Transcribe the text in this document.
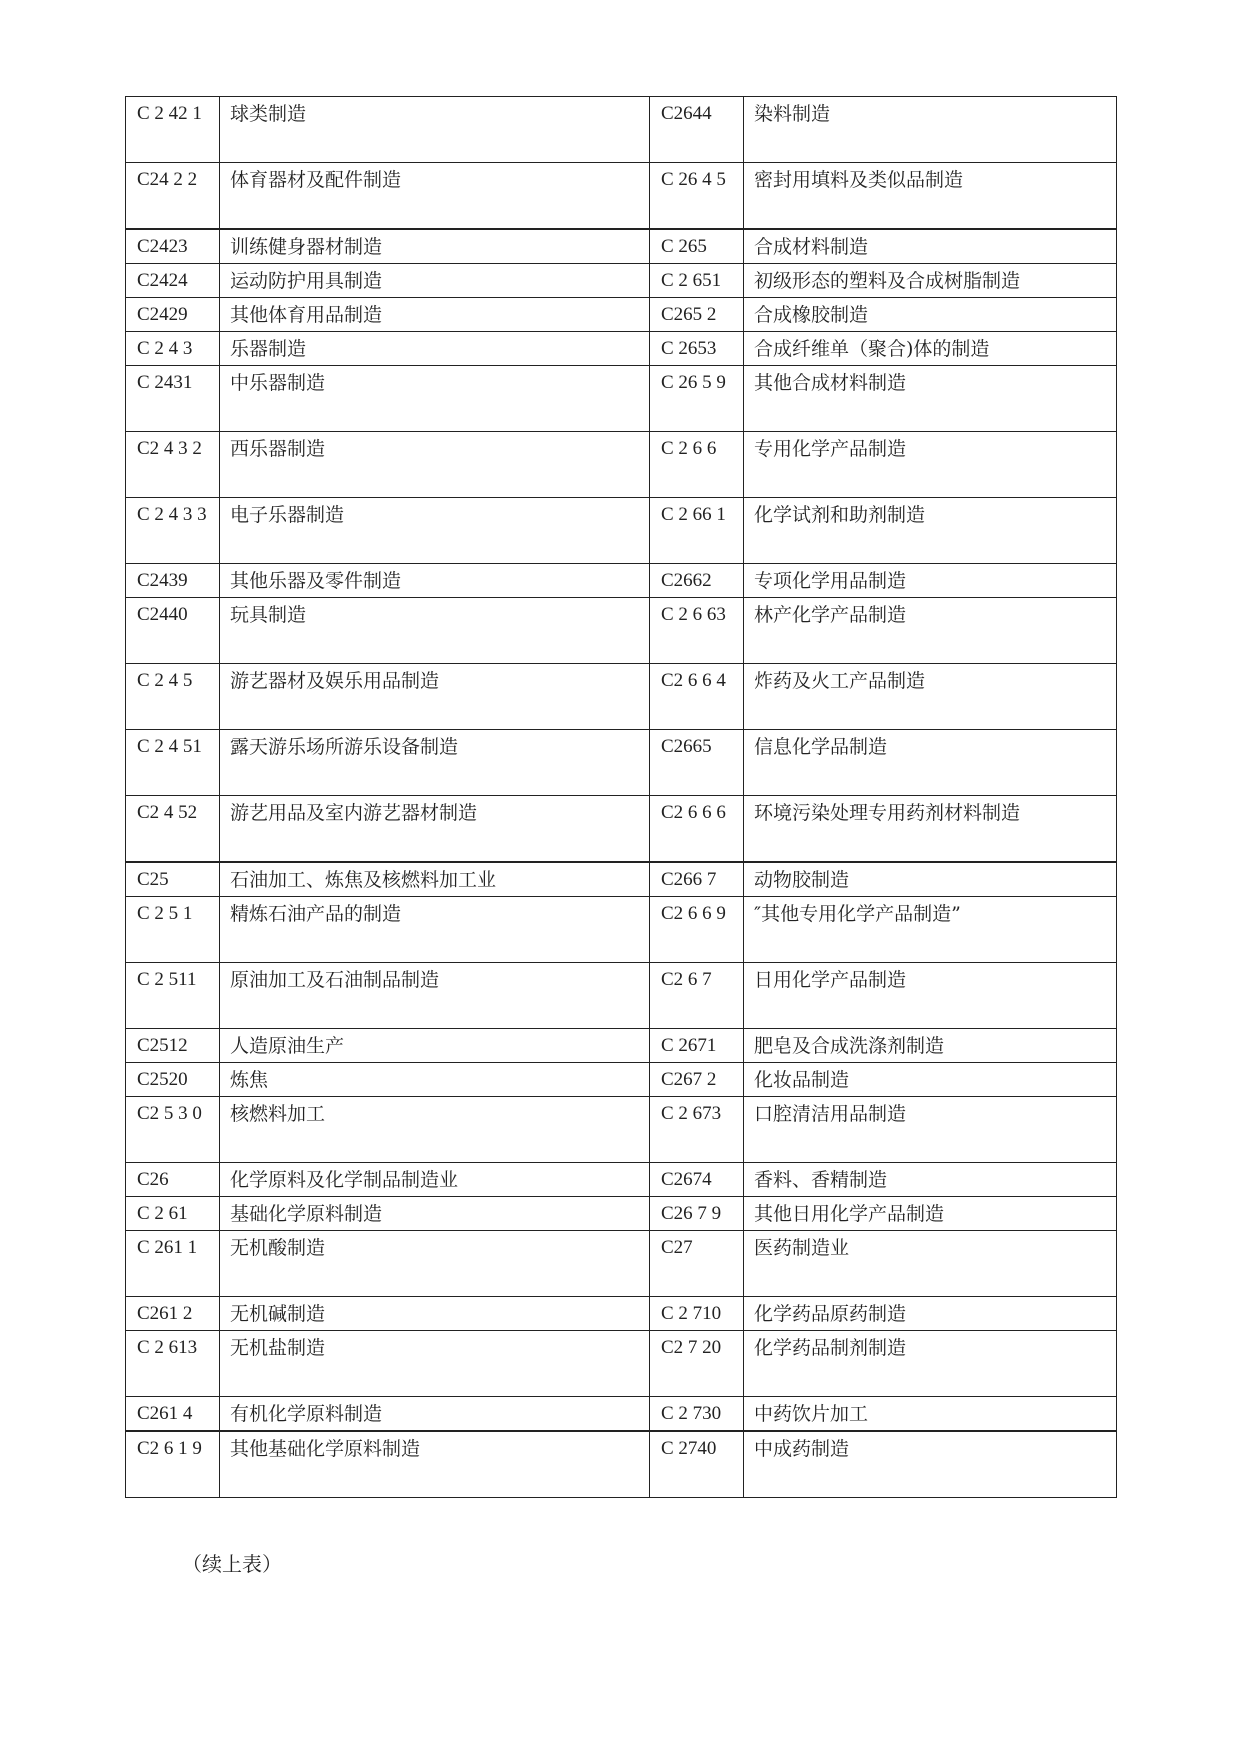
C 2 42 1	球类制造	C2644	染料制造
C24 2 2	体育器材及配件制造	C 26 4 5	密封用填料及类似品制造
C2423	训练健身器材制造	C 265	合成材料制造
C2424	运动防护用具制造	C 2 651	初级形态的塑料及合成树脂制造
C2429	其他体育用品制造	C265 2	合成橡胶制造
C 2 4 3	乐器制造	C 2653	合成纤维单（聚合)体的制造
C 2431	中乐器制造	C 26 5 9	其他合成材料制造
C2 4 3 2	西乐器制造	C 2 6 6	专用化学产品制造
C 2 4 3 3	电子乐器制造	C 2 66 1	化学试剂和助剂制造
C2439	其他乐器及零件制造	C2662	专项化学用品制造
C2440	玩具制造	C 2 6 63	林产化学产品制造
C 2 4 5	游艺器材及娱乐用品制造	C2 6 6 4	炸药及火工产品制造
C 2 4 51	露天游乐场所游乐设备制造	C2665	信息化学品制造
C2 4 52	游艺用品及室内游艺器材制造	C2 6 6 6	环境污染处理专用药剂材料制造
C25	石油加工、炼焦及核燃料加工业	C266 7	动物胶制造
C 2 5 1	精炼石油产品的制造	C2 6 6 9	″其他专用化学产品制造”
C 2 511	原油加工及石油制品制造	C2 6 7	日用化学产品制造
C2512	人造原油生产	C 2671	肥皂及合成洗涤剂制造
C2520	炼焦	C267 2	化妆品制造
C2 5 3 0	核燃料加工	C 2 673	口腔清洁用品制造
C26	化学原料及化学制品制造业	C2674	香料、香精制造
C 2 61	基础化学原料制造	C26 7 9	其他日用化学产品制造
C 261 1	无机酸制造	C27	医药制造业
C261 2	无机碱制造	C 2 710	化学药品原药制造
C 2 613	无机盐制造	C2 7 20	化学药品制剂制造
C261 4	有机化学原料制造	C 2 730	中药饮片加工
C2 6 1 9	其他基础化学原料制造	C 2740	中成药制造
（续上表）
